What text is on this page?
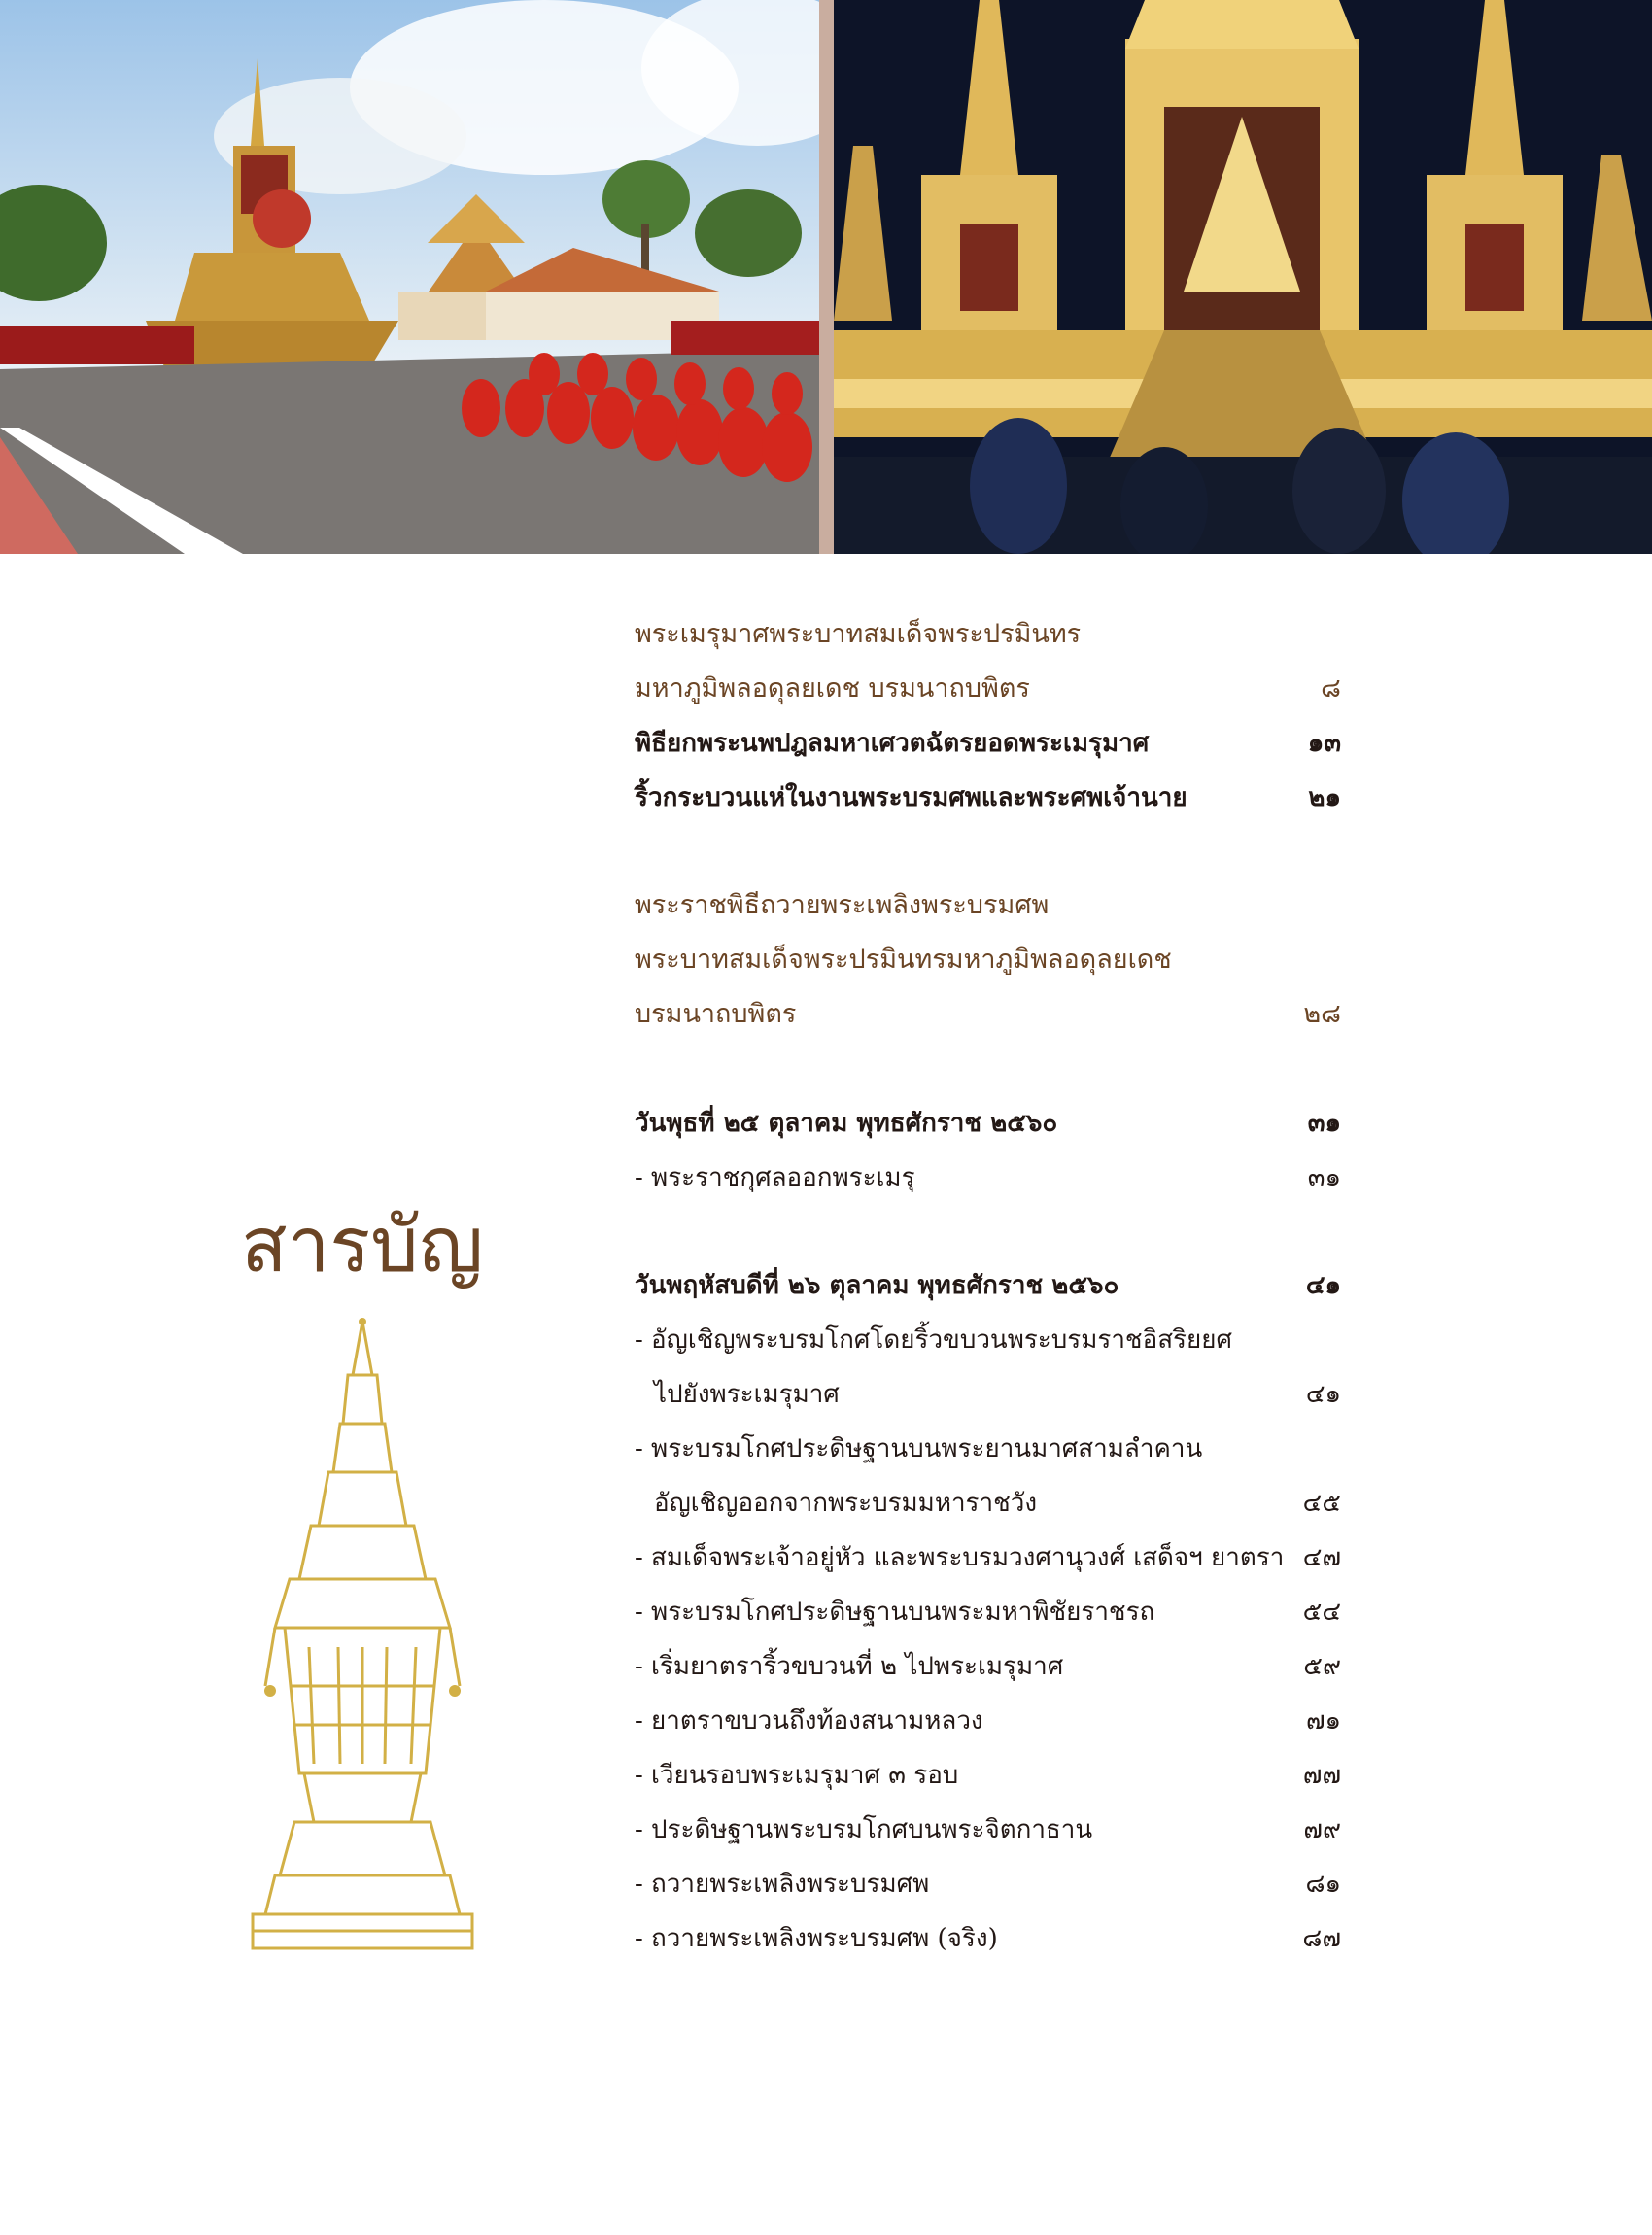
สารบัญ
พระเมรุมาศพระบาทสมเด็จพระปรมินทร
มหาภูมิพลอดุลยเดช บรมนาถบพิตร	๘
พิธียกพระนพปฎลมหาเศวตฉัตรยอดพระเมรุมาศ	๑๓
ริ้วกระบวนแห่ในงานพระบรมศพและพระศพเจ้านาย	๒๑
พระราชพิธีถวายพระเพลิงพระบรมศพ
พระบาทสมเด็จพระปรมินทรมหาภูมิพลอดุลยเดช
บรมนาถบพิตร	๒๘
วันพุธที่ ๒๕ ตุลาคม พุทธศักราช ๒๕๖๐	๓๑
- พระราชกุศลออกพระเมรุ	๓๑
วันพฤหัสบดีที่ ๒๖ ตุลาคม พุทธศักราช ๒๕๖๐	๔๑
- อัญเชิญพระบรมโกศโดยริ้วขบวนพระบรมราชอิสริยยศ
ไปยังพระเมรุมาศ	๔๑
- พระบรมโกศประดิษฐานบนพระยานมาศสามลำคาน
อัญเชิญออกจากพระบรมมหาราชวัง	๔๕
- สมเด็จพระเจ้าอยู่หัว และพระบรมวงศานุวงศ์ เสด็จฯ ยาตรา ๔๗
- พระบรมโกศประดิษฐานบนพระมหาพิชัยราชรถ	๕๔
- เริ่มยาตราริ้วขบวนที่ ๒ ไปพระเมรุมาศ	๕๙
- ยาตราขบวนถึงท้องสนามหลวง	๗๑
- เวียนรอบพระเมรุมาศ ๓ รอบ	๗๗
- ประดิษฐานพระบรมโกศบนพระจิตกาธาน	๗๙
- ถวายพระเพลิงพระบรมศพ	๘๑
- ถวายพระเพลิงพระบรมศพ (จริง)	๘๗
